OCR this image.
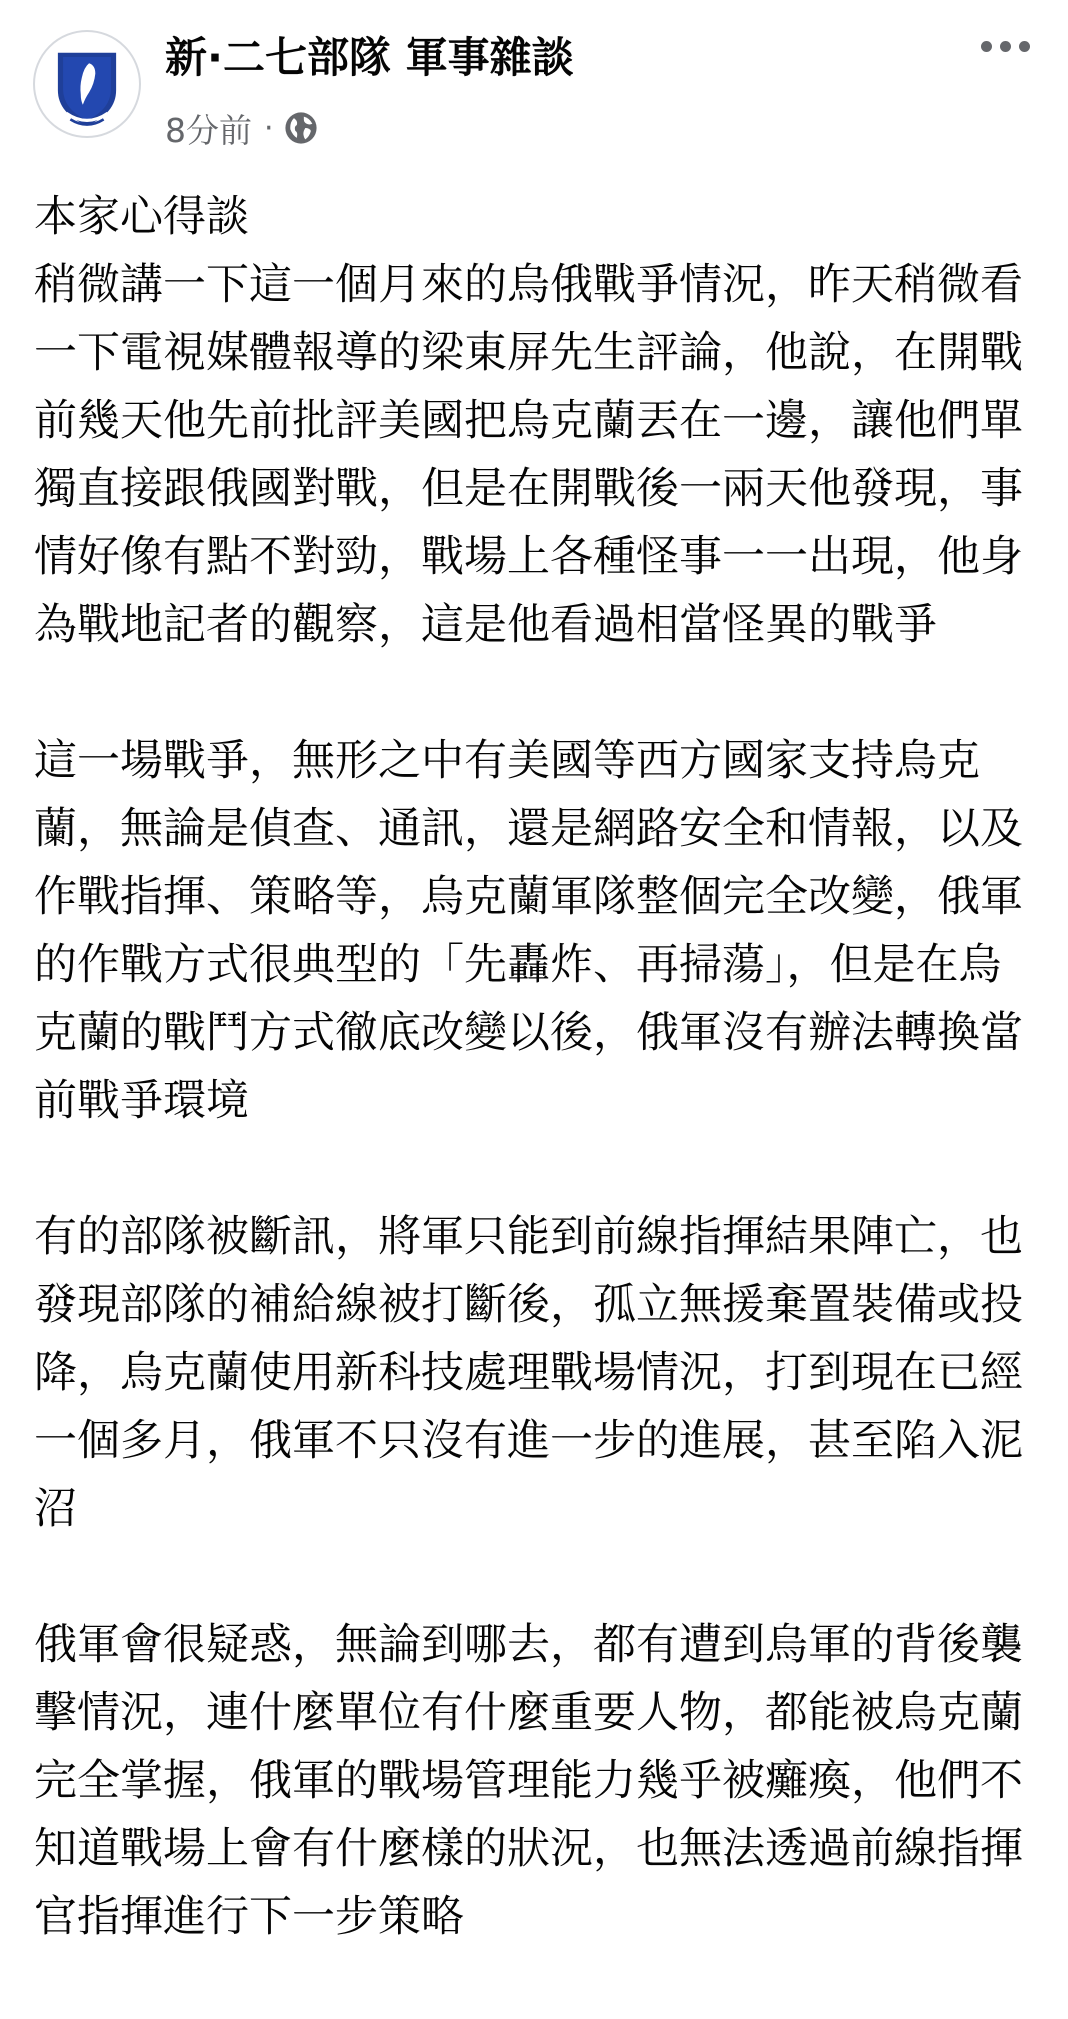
新·二七部隊 軍事雜談
8分前 ·
本家心得談
稍微講一下這一個月來的烏俄戰爭情況，昨天稍微看
一下電視媒體報導的梁東屏先生評論，他說，在開戰
前幾天他先前批評美國把烏克蘭丟在一邊，讓他們單
獨直接跟俄國對戰，但是在開戰後一兩天他發現，事
情好像有點不對勁，戰場上各種怪事一一出現，他身
為戰地記者的觀察，這是他看過相當怪異的戰爭
這一場戰爭，無形之中有美國等西方國家支持烏克
蘭，無論是偵查、通訊，還是網路安全和情報，以及
作戰指揮、策略等，烏克蘭軍隊整個完全改變，俄軍
的作戰方式很典型的「先轟炸、再掃蕩」，但是在烏
克蘭的戰鬥方式徹底改變以後，俄軍沒有辦法轉換當
前戰爭環境
有的部隊被斷訊，將軍只能到前線指揮結果陣亡，也
發現部隊的補給線被打斷後，孤立無援棄置裝備或投
降，烏克蘭使用新科技處理戰場情況，打到現在已經
一個多月，俄軍不只沒有進一步的進展，甚至陷入泥
沼
俄軍會很疑惑，無論到哪去，都有遭到烏軍的背後襲
擊情況，連什麼單位有什麼重要人物，都能被烏克蘭
完全掌握，俄軍的戰場管理能力幾乎被癱瘓，他們不
知道戰場上會有什麼樣的狀況，也無法透過前線指揮
官指揮進行下一步策略
